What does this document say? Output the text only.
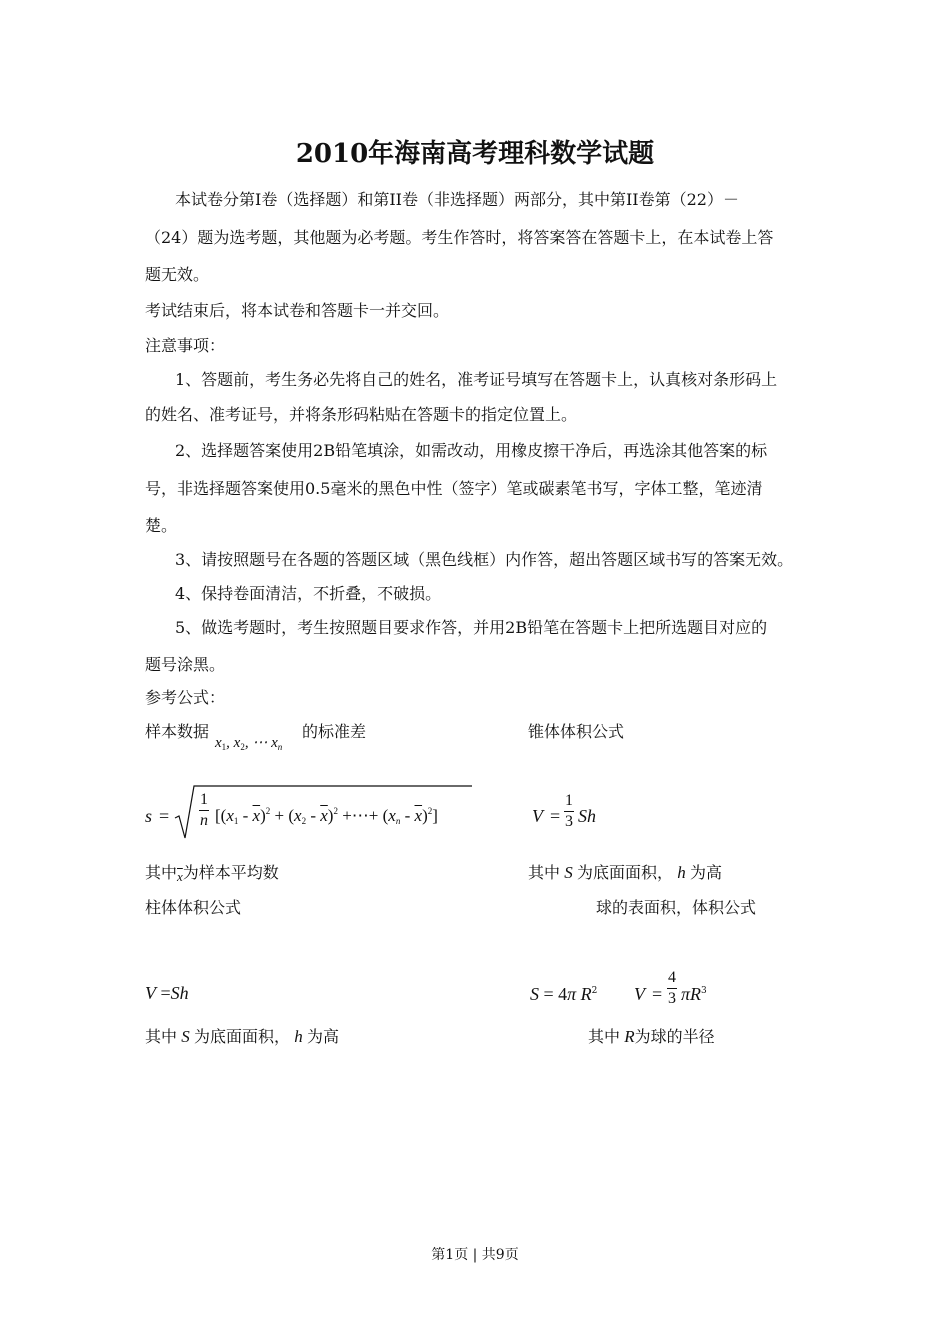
2010年海南高考理科数学试题
本试卷分第Ⅰ卷（选择题）和第II卷（非选择题）两部分，其中第II卷第（22）－
（24）题为选考题，其他题为必考题。考生作答时，将答案答在答题卡上，在本试卷上答
题无效。
考试结束后，将本试卷和答题卡一并交回。
注意事项：
1、答题前，考生务必先将自己的姓名，准考证号填写在答题卡上，认真核对条形码上
的姓名、准考证号，并将条形码粘贴在答题卡的指定位置上。
2、选择题答案使用2B铅笔填涂，如需改动，用橡皮擦干净后，再选涂其他答案的标
号，非选择题答案使用0.5毫米的黑色中性（签字）笔或碳素笔书写，字体工整，笔迹清
楚。
3、请按照题号在各题的答题区域（黑色线框）内作答，超出答题区域书写的答案无效。
4、保持卷面清洁，不折叠，不破损。
5、做选考题时，考生按照题目要求作答，并用2B铅笔在答题卡上把所选题目对应的
题号涂黑。
参考公式：
样本数据
$x_1$, $x_2$, ⋯ $x_n$
的标准差	锥体体积公式
$s = \frac{1}{n} [(x_1 - \overline{x})^2 + (x_2 - \overline{x})^2$ +⋯+ $(x_n - \overline{x})^2$]	$V = \frac{1}{3}$ Sh
其中$\overline{x}$为样本平均数	其中 S 为底面面积， h 为高
柱体体积公式	球的表面积，体积公式
V =Sh	S = 4π $R^2$ $V = \frac{4}{3} \pi R^3$
其中 S 为底面面积， h 为高	其中 R为球的半径
第1页 | 共9页
